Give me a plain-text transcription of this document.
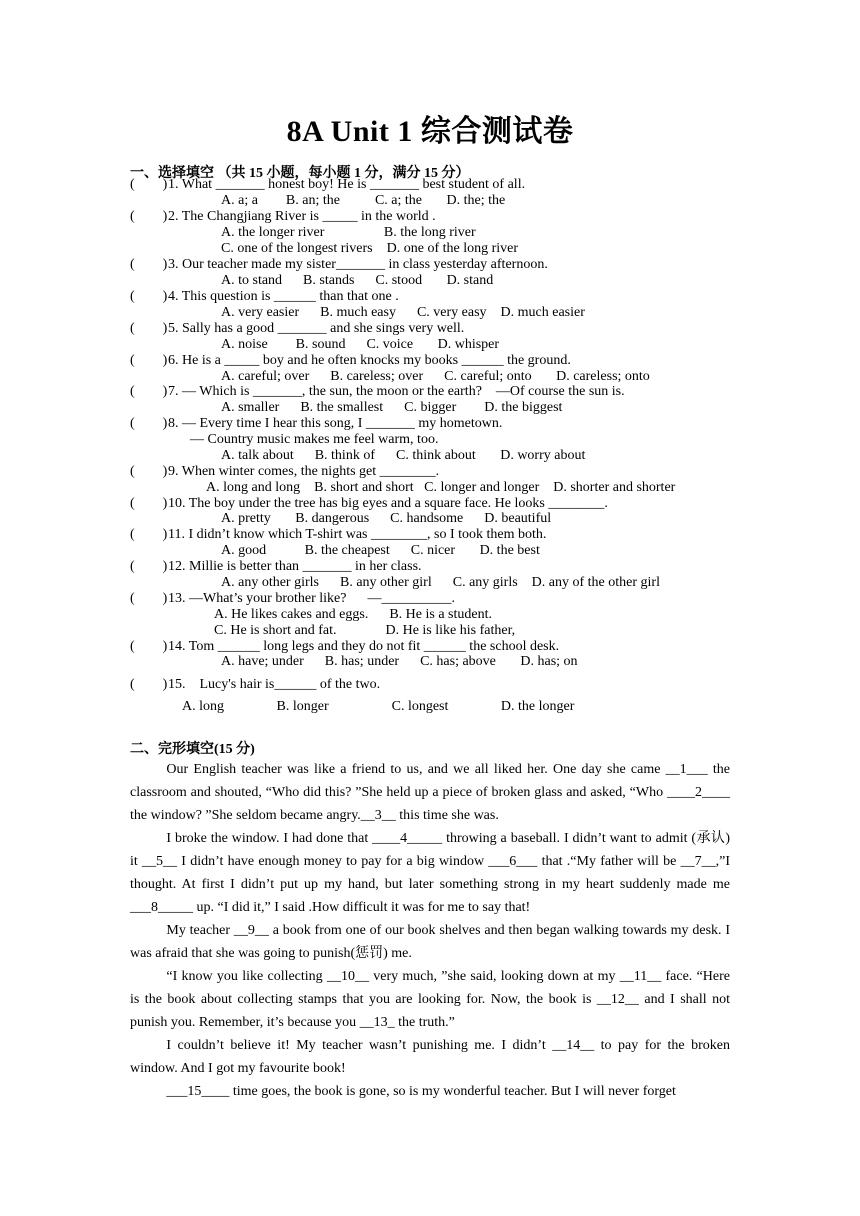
8A Unit 1 综合测试卷
一、选择填空 （共 15 小题，每小题 1 分，满分 15 分）
(        )1. What _______ honest boy! He is _______ best student of all.
A. a; a        B. an; the          C. a; the       D. the; the
(        )2. The Changjiang River is _____ in the world .
A. the longer river                 B. the long river
C. one of the longest rivers    D. one of the long river
(        )3. Our teacher made my sister_______ in class yesterday afternoon.
A. to stand      B. stands      C. stood       D. stand
(        )4. This question is ______ than that one .
A. very easier      B. much easy      C. very easy    D. much easier
(        )5. Sally has a good _______ and she sings very well.
A. noise        B. sound      C. voice       D. whisper
(        )6. He is a _____ boy and he often knocks my books ______ the ground.
A. careful; over      B. careless; over      C. careful; onto       D. careless; onto
(        )7. — Which is _______, the sun, the moon or the earth?    —Of course the sun is.
A. smaller      B. the smallest      C. bigger        D. the biggest
(        )8. — Every time I hear this song, I _______ my hometown.
— Country music makes me feel warm, too.
A. talk about      B. think of      C. think about       D. worry about
(        )9. When winter comes, the nights get ________.
A. long and long    B. short and short   C. longer and longer    D. shorter and shorter
(        )10. The boy under the tree has big eyes and a square face. He looks ________.
A. pretty       B. dangerous      C. handsome      D. beautiful
(        )11. I didn’t know which T-shirt was ________, so I took them both.
A. good           B. the cheapest      C. nicer       D. the best
(        )12. Millie is better than _______ in her class.
A. any other girls      B. any other girl      C. any girls    D. any of the other girl
(        )13. —What’s your brother like?      —__________.
A. He likes cakes and eggs.      B. He is a student.
C. He is short and fat.              D. He is like his father,
(        )14. Tom ______ long legs and they do not fit ______ the school desk.
A. have; under      B. has; under      C. has; above       D. has; on
(        )15.    Lucy's hair is______ of the two.
A. long               B. longer                  C. longest               D. the longer
二、完形填空(15 分)
Our English teacher was like a friend to us, and we all liked her. One day she came __1___ the classroom and shouted, “Who did this? ”She held up a piece of broken glass and asked, “Who ____2____ the window? ”She seldom became angry.__3__ this time she was.
I broke the window. I had done that ____4_____ throwing a baseball. I didn’t want to admit (承认) it __5__ I didn’t have enough money to pay for a big window ___6___ that .“My father will be __7__,”I thought. At first I didn’t put up my hand, but later something strong in my heart suddenly made me ___8_____ up. “I did it,” I said .How difficult it was for me to say that!
My teacher __9__ a book from one of our book shelves and then began walking towards my desk. I was afraid that she was going to punish(惩罚) me.
“I know you like collecting __10__ very much, ”she said, looking down at my __11__ face. “Here is the book about collecting stamps that you are looking for. Now, the book is __12__ and I shall not punish you. Remember, it’s because you __13_ the truth.”
I couldn’t believe it! My teacher wasn’t punishing me. I didn’t __14__ to pay for the broken window. And I got my favourite book!
___15____ time goes, the book is gone, so is my wonderful teacher. But I will never forget
